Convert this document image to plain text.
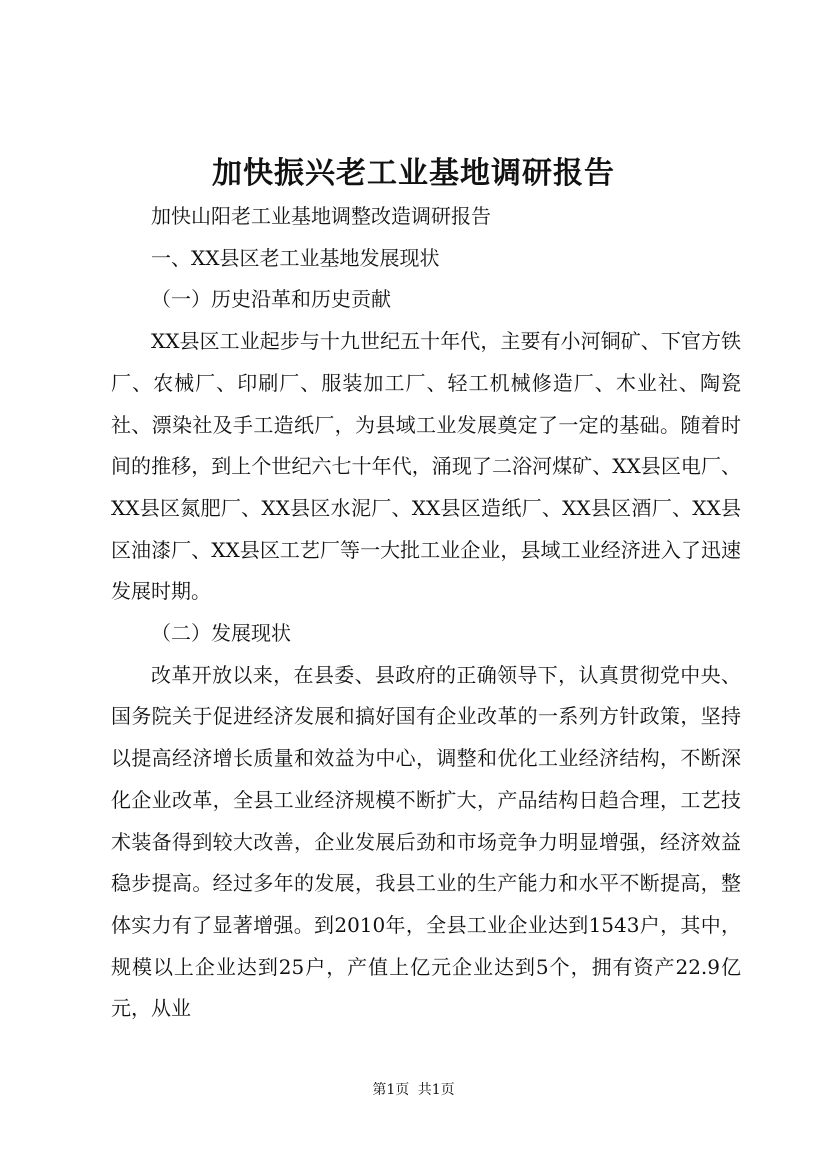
加快振兴老工业基地调研报告

加快山阳老工业基地调整改造调研报告

一、XX县区老工业基地发展现状

（一）历史沿革和历史贡献

XX县区工业起步与十九世纪五十年代，主要有小河铜矿、下官方铁厂、农械厂、印刷厂、服装加工厂、轻工机械修造厂、木业社、陶瓷社、漂染社及手工造纸厂，为县域工业发展奠定了一定的基础。随着时间的推移，到上个世纪六七十年代，涌现了二浴河煤矿、XX县区电厂、XX县区氮肥厂、XX县区水泥厂、XX县区造纸厂、XX县区酒厂、XX县区油漆厂、XX县区工艺厂等一大批工业企业，县域工业经济进入了迅速发展时期。

（二）发展现状

改革开放以来，在县委、县政府的正确领导下，认真贯彻党中央、国务院关于促进经济发展和搞好国有企业改革的一系列方针政策，坚持以提高经济增长质量和效益为中心，调整和优化工业经济结构，不断深化企业改革，全县工业经济规模不断扩大，产品结构日趋合理，工艺技术装备得到较大改善，企业发展后劲和市场竞争力明显增强，经济效益稳步提高。经过多年的发展，我县工业的生产能力和水平不断提高，整体实力有了显著增强。到2010年，全县工业企业达到1543户，其中，规模以上企业达到25户，产值上亿元企业达到5个，拥有资产22.9亿元，从业

第1页 共1页
